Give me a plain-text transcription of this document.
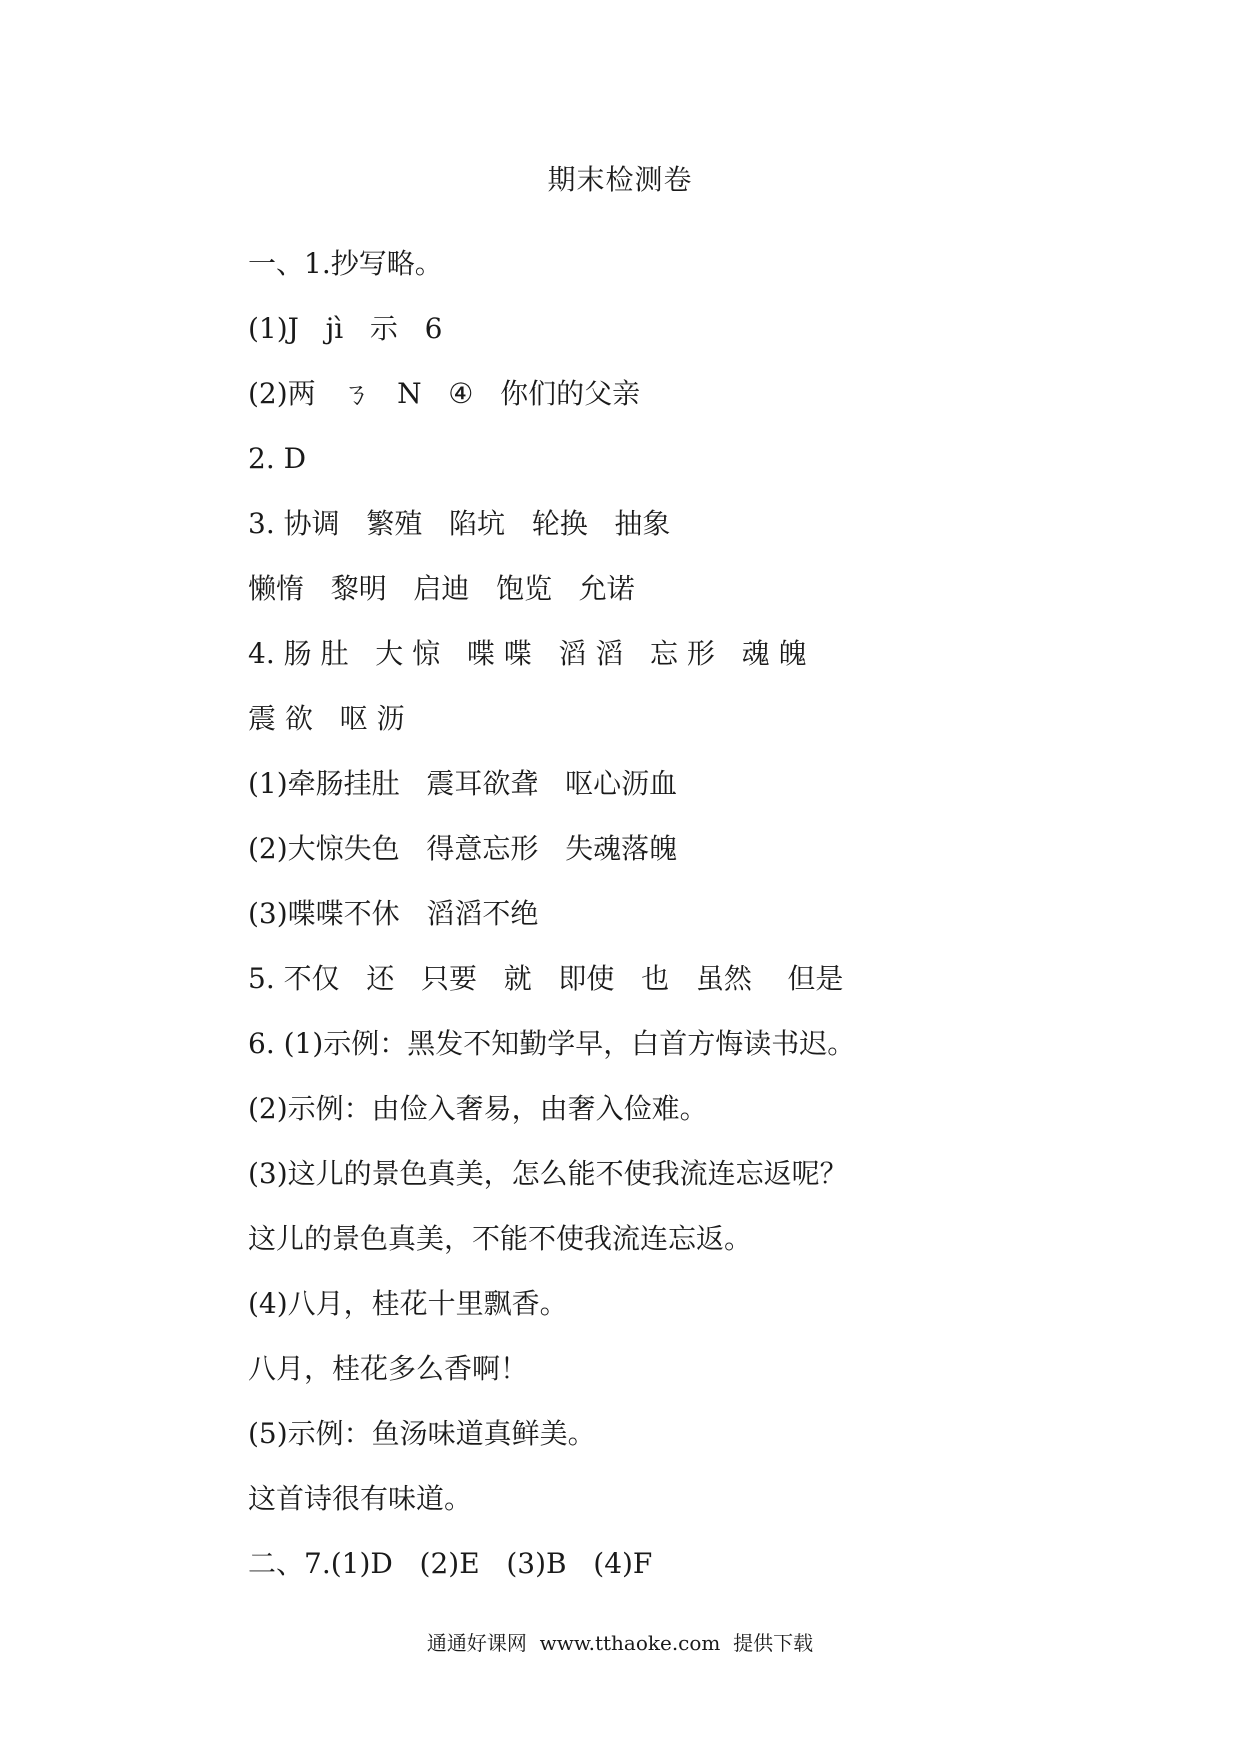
期末检测卷
一、1.抄写略。
(1)J   jì   示   6
(2)两   ㄋ   N   ④   你们的父亲
2. D
3. 协调   繁殖   陷坑   轮换   抽象
懒惰   黎明   启迪   饱览   允诺
4. 肠 肚   大 惊   喋 喋   滔 滔   忘 形   魂 魄
震 欲   呕 沥
(1)牵肠挂肚   震耳欲聋   呕心沥血
(2)大惊失色   得意忘形   失魂落魄
(3)喋喋不休   滔滔不绝
5. 不仅   还   只要   就   即使   也   虽然    但是
6. (1)示例：黑发不知勤学早，白首方悔读书迟。
(2)示例：由俭入奢易，由奢入俭难。
(3)这儿的景色真美，怎么能不使我流连忘返呢？
这儿的景色真美，不能不使我流连忘返。
(4)八月，桂花十里飘香。
八月，桂花多么香啊！
(5)示例：鱼汤味道真鲜美。
这首诗很有味道。
二、7.(1)D   (2)E   (3)B   (4)F
通通好课网  www.tthaoke.com  提供下载
